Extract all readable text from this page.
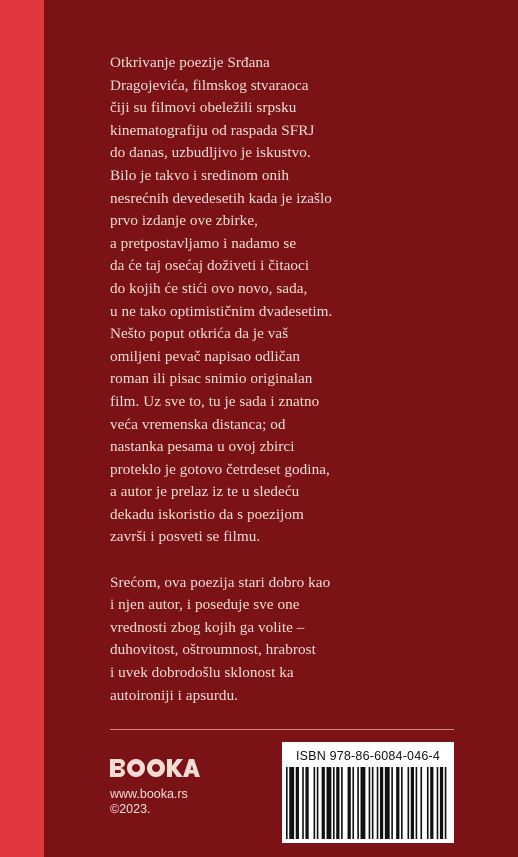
Otkrivanje poezije Srđana
Dragojevića, filmskog stvaraoca
čiji su filmovi obeležili srpsku
kinematografiju od raspada SFRJ
do danas, uzbudljivo je iskustvo.
Bilo je takvo i sredinom onih
nesrećnih devedesetih kada je izašlo
prvo izdanje ove zbirke,
a pretpostavljamo i nadamo se
da će taj osećaj doživeti i čitaoci
do kojih će stići ovo novo, sada,
u ne tako optimističnim dvadesetim.
Nešto poput otkrića da je vaš
omiljeni pevač napisao odličan
roman ili pisac snimio originalan
film. Uz sve to, tu je sada i znatno
veća vremenska distanca; od
nastanka pesama u ovoj zbirci
proteklo je gotovo četrdeset godina,
a autor je prelaz iz te u sledeću
dekadu iskoristio da s poezijom
završi i posveti se filmu.

Srećom, ova poezija stari dobro kao
i njen autor, i poseduje sve one
vrednosti zbog kojih ga volite –
duhovitost, oštroumnost, hrabrost
i uvek dobrodošlu sklonost ka
autoironiji i apsurdu.

www.booka.rs
©2023.
ISBN 978-86-6084-046-4
